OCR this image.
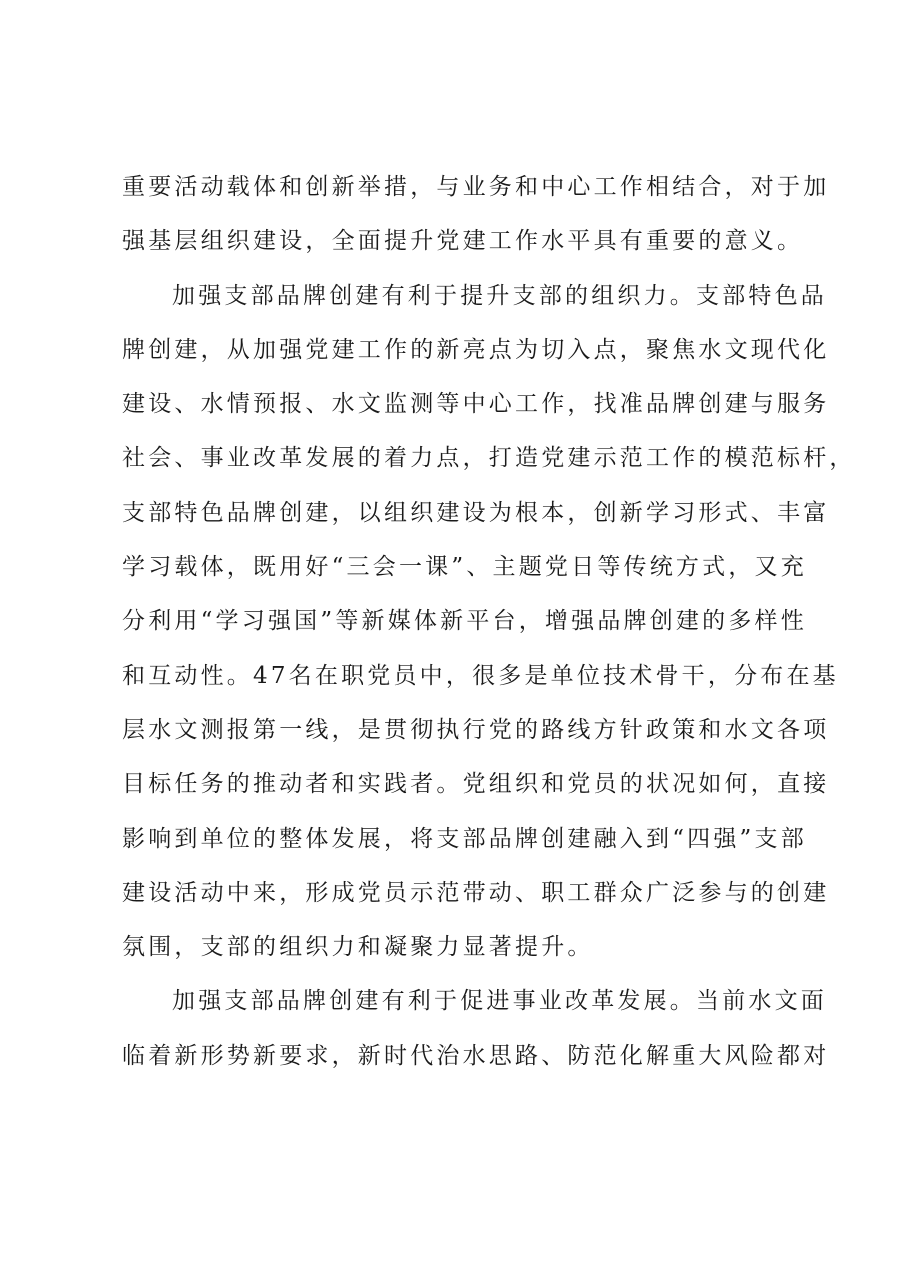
重要活动载体和创新举措，与业务和中心工作相结合，对于加
强基层组织建设，全面提升党建工作水平具有重要的意义。
加强支部品牌创建有利于提升支部的组织力。支部特色品
牌创建，从加强党建工作的新亮点为切入点，聚焦水文现代化
建设、水情预报、水文监测等中心工作，找准品牌创建与服务
社会、事业改革发展的着力点，打造党建示范工作的模范标杆，
支部特色品牌创建，以组织建设为根本，创新学习形式、丰富
学习载体，既用好“三会一课”、主题党日等传统方式，又充
分利用“学习强国”等新媒体新平台，增强品牌创建的多样性
和互动性。47名在职党员中，很多是单位技术骨干，分布在基
层水文测报第一线，是贯彻执行党的路线方针政策和水文各项
目标任务的推动者和实践者。党组织和党员的状况如何，直接
影响到单位的整体发展，将支部品牌创建融入到“四强”支部
建设活动中来，形成党员示范带动、职工群众广泛参与的创建
氛围，支部的组织力和凝聚力显著提升。
加强支部品牌创建有利于促进事业改革发展。当前水文面
临着新形势新要求，新时代治水思路、防范化解重大风险都对
